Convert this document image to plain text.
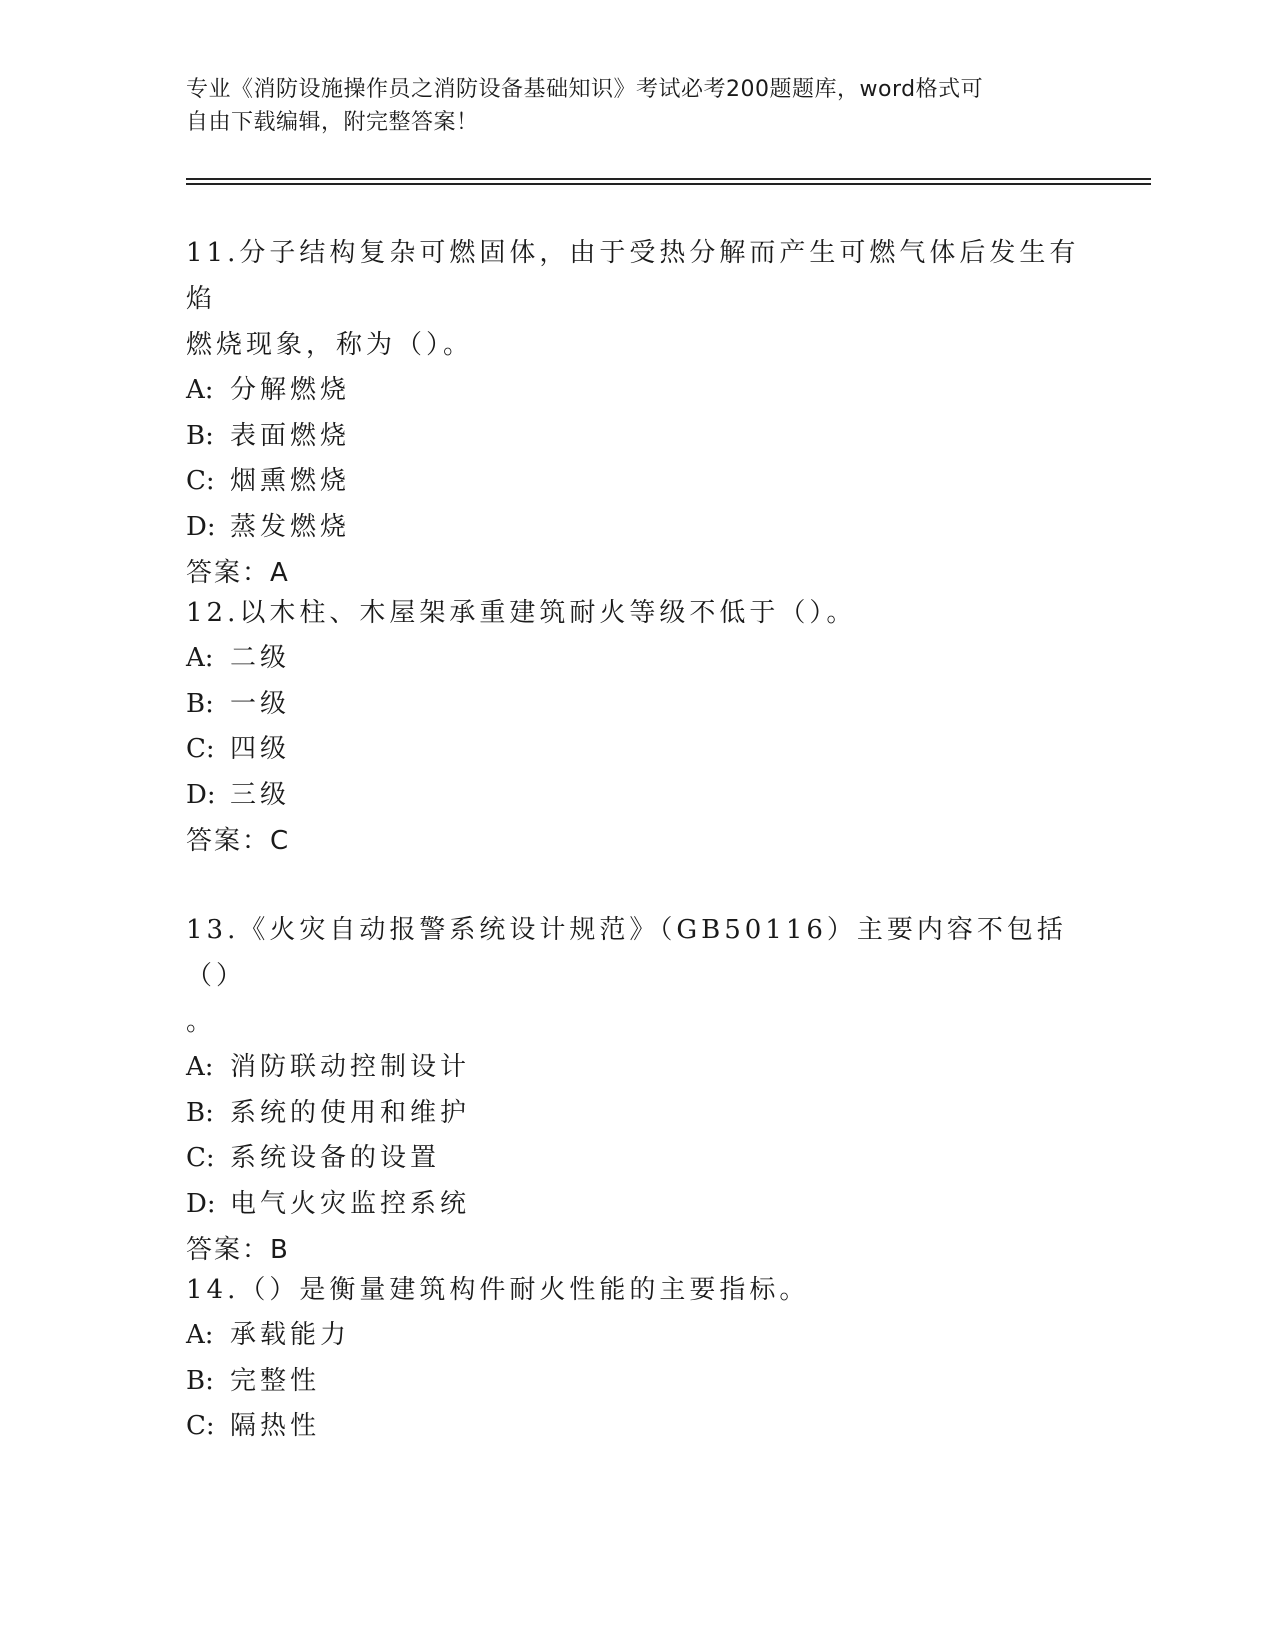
专业《消防设施操作员之消防设备基础知识》考试必考200题题库，word格式可
自由下载编辑，附完整答案！

11.分子结构复杂可燃固体，由于受热分解而产生可燃气体后发生有焰

燃烧现象，称为（）。

A: 分解燃烧

B: 表面燃烧

C: 烟熏燃烧

D: 蒸发燃烧

答案：A

12.以木柱、木屋架承重建筑耐火等级不低于（）。

A: 二级

B: 一级

C: 四级

D: 三级

答案：C

13.《火灾自动报警系统设计规范》（GB50116）主要内容不包括（）

。

A: 消防联动控制设计

B: 系统的使用和维护

C: 系统设备的设置

D: 电气火灾监控系统

答案：B

14.（）是衡量建筑构件耐火性能的主要指标。

A: 承载能力

B: 完整性

C: 隔热性
